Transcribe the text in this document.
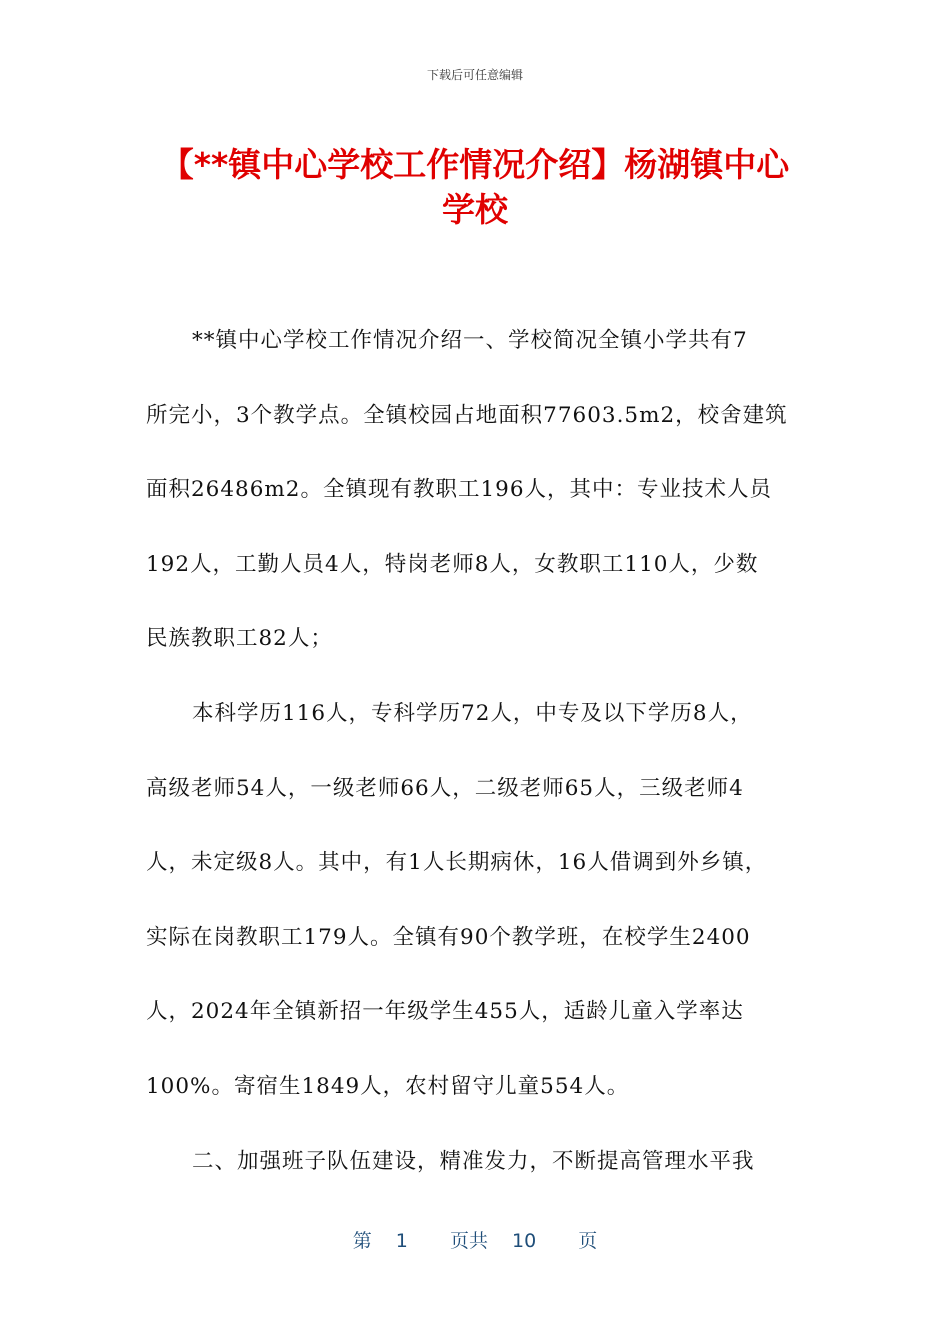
下载后可任意编辑
【**镇中心学校工作情况介绍】杨湖镇中心
学校
**镇中心学校工作情况介绍一、学校简况全镇小学共有7
所完小，3个教学点。全镇校园占地面积77603.5m2，校舍建筑
面积26486m2。全镇现有教职工196人，其中：专业技术人员
192人，工勤人员4人，特岗老师8人，女教职工110人，少数
民族教职工82人；
本科学历116人，专科学历72人，中专及以下学历8人，
高级老师54人，一级老师66人，二级老师65人，三级老师4
人，未定级8人。其中，有1人长期病休，16人借调到外乡镇，
实际在岗教职工179人。全镇有90个教学班，在校学生2400
人，2024年全镇新招一年级学生455人，适龄儿童入学率达
100%。寄宿生1849人，农村留守儿童554人。
二、加强班子队伍建设，精准发力，不断提高管理水平我
第 1 页共 10 页
